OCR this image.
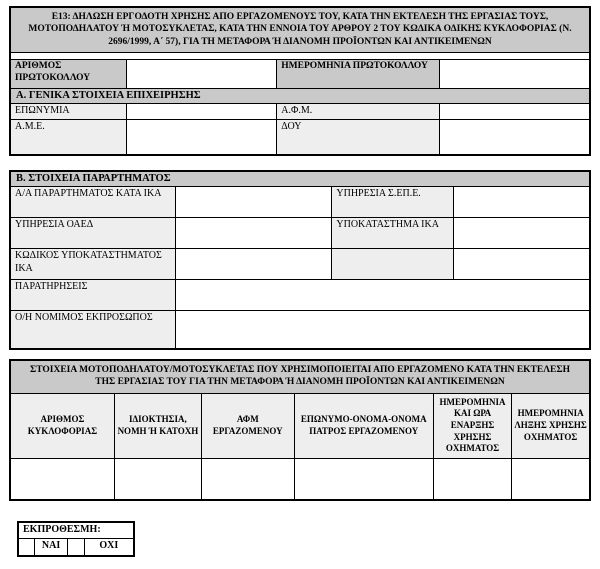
Ε13: ΔΗΛΩΣΗ ΕΡΓΟΔΟΤΗ ΧΡΗΣΗΣ ΑΠΟ ΕΡΓΑΖΟΜΕΝΟΥΣ ΤΟΥ, ΚΑΤΑ ΤΗΝ ΕΚΤΕΛΕΣΗ ΤΗΣ ΕΡΓΑΣΙΑΣ ΤΟΥΣ, ΜΟΤΟΠΟΔΗΛΑΤΟΥ Ή ΜΟΤΟΣΥΚΛΕΤΑΣ, ΚΑΤΑ ΤΗΝ ΕΝΝΟΙΑ ΤΟΥ ΑΡΘΡΟΥ 2 ΤΟΥ ΚΩΔΙΚΑ ΟΔΙΚΗΣ ΚΥΚΛΟΦΟΡΙΑΣ (Ν. 2696/1999, Α΄ 57), ΓΙΑ ΤΗ ΜΕΤΑΦΟΡΑ Ή ΔΙΑΝΟΜΗ ΠΡΟΪΟΝΤΩΝ ΚΑΙ ΑΝΤΙΚΕΙΜΕΝΩΝ			

ΑΡΙΘΜΟΣ ΠΡΩΤΟΚΟΛΛΟΥ		ΗΜΕΡΟΜΗΝΙΑ ΠΡΩΤΟΚΟΛΛΟΥ	
Α. ΓΕΝΙΚΑ ΣΤΟΙΧΕΙΑ ΕΠΙΧΕΙΡΗΣΗΣ			
ΕΠΩΝΥΜΙΑ		Α.Φ.Μ.	
Α.Μ.Ε.		ΔΟΥ	
Β. ΣΤΟΙΧΕΙΑ ΠΑΡΑΡΤΗΜΑΤΟΣ			
Α/Α ΠΑΡΑΡΤΗΜΑΤΟΣ ΚΑΤΑ ΙΚΑ		ΥΠΗΡΕΣΙΑ Σ.ΕΠ.Ε.	
ΥΠΗΡΕΣΙΑ ΟΑΕΔ		ΥΠΟΚΑΤΑΣΤΗΜΑ ΙΚΑ	
ΚΩΔΙΚΟΣ ΥΠΟΚΑΤΑΣΤΗΜΑΤΟΣ ΙΚΑ			
ΠΑΡΑΤΗΡΗΣΕΙΣ			
Ο/Η ΝΟΜΙΜΟΣ ΕΚΠΡΟΣΩΠΟΣ			
ΣΤΟΙΧΕΙΑ ΜΟΤΟΠΟΔΗΛΑΤΟΥ/ΜΟΤΟΣΥΚΛΕΤΑΣ ΠΟΥ ΧΡΗΣΙΜΟΠΟΙΕΙΤΑΙ ΑΠΟ ΕΡΓΑΖΟΜΕΝΟ ΚΑΤΑ ΤΗΝ ΕΚΤΕΛΕΣΗ ΤΗΣ ΕΡΓΑΣΙΑΣ ΤΟΥ ΓΙΑ ΤΗΝ ΜΕΤΑΦΟΡΑ Ή ΔΙΑΝΟΜΗ ΠΡΟΪΟΝΤΩΝ ΚΑΙ ΑΝΤΙΚΕΙΜΕΝΩΝ					
ΑΡΙΘΜΟΣ ΚΥΚΛΟΦΟΡΙΑΣ	ΙΔΙΟΚΤΗΣΙΑ, ΝΟΜΗ Ή ΚΑΤΟΧΗ	ΑΦΜ ΕΡΓΑΖΟΜΕΝΟΥ	ΕΠΩΝΥΜΟ-ΟΝΟΜΑ-ΟΝΟΜΑ ΠΑΤΡΟΣ ΕΡΓΑΖΟΜΕΝΟΥ	ΗΜΕΡΟΜΗΝΙΑ ΚΑΙ ΩΡΑ ΕΝΑΡΞΗΣ ΧΡΗΣΗΣ ΟΧΗΜΑΤΟΣ	ΗΜΕΡΟΜΗΝΙΑ ΛΗΞΗΣ ΧΡΗΣΗΣ ΟΧΗΜΑΤΟΣ

ΕΚΠΡΟΘΕΣΜΗ:
	ΝΑΙ		ΟΧΙ
